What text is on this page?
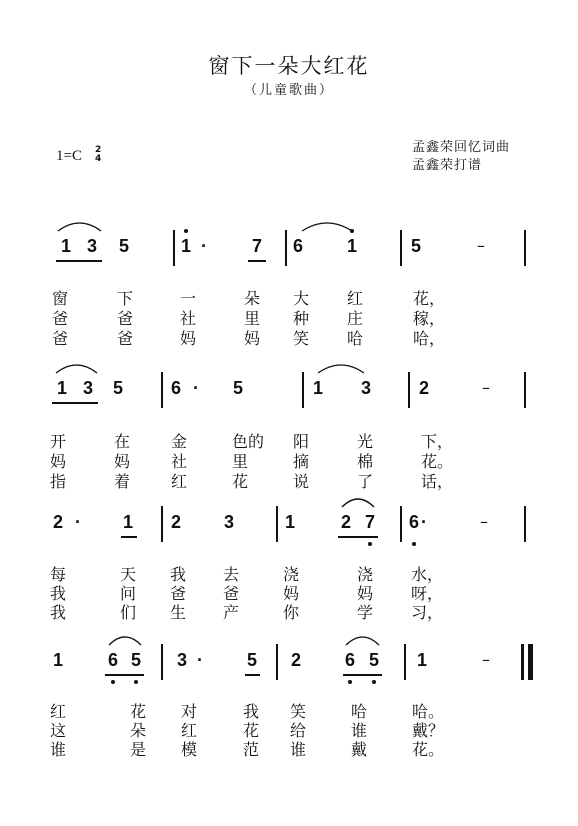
窗下一朵大红花
（儿童歌曲）
1=C 2
4
孟鑫荣回忆词曲
孟鑫荣打谱
1 3 5	1 · 7 6 1	5	–
窗	下	一	朵 大 红	花，
爸	爸	社	里 种 庄	稼，
爸	爸	妈	妈 笑 哈	哈，
1 3 5	6 · 5	1 3	2	–
开	在	金	色的 阳	光	下，
妈	妈	社	里	摘	棉	花。
指	着	红	花	说	了	话，
2 · 1 2 3	1	2 7 6 ·	–
每	天 我 去	浇	浇 水，
我	问 爸 爸	妈	妈 呀，
我	们 生 产	你	学 习，
1 6 5 3 · 5 2 6 5 1	–
红	花 对	我 笑	哈	哈。
这	朵 红	花 给	谁	戴？
谁	是 模	范 谁	戴	花。
